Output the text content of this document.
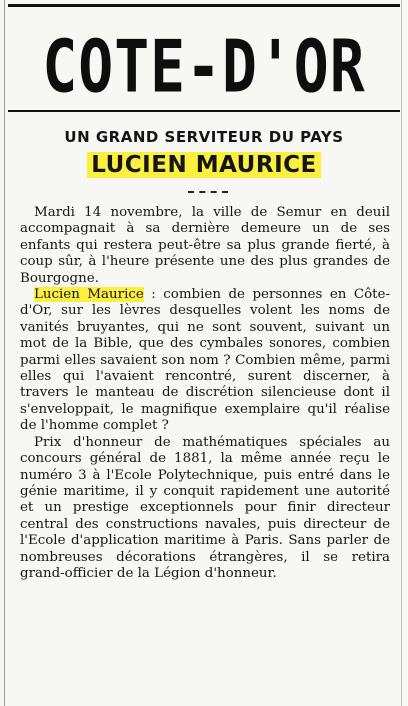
COTE-D'OR
UN GRAND SERVITEUR DU PAYS
LUCIEN MAURICE

Mardi 14 novembre, la ville de Semur en deuil accompagnait à sa dernière demeure un de ses enfants qui restera peut-être sa plus grande fierté, à coup sûr, à l'heure présente une des plus grandes de Bourgogne.

Lucien Maurice : combien de personnes en Côte-d'Or, sur les lèvres desquelles volent les noms de vanités bruyantes, qui ne sont souvent, suivant un mot de la Bible, que des cymbales sonores, combien parmi elles savaient son nom ? Combien même, parmi elles qui l'avaient rencontré, surent discerner, à travers le manteau de discrétion silencieuse dont il s'enveloppait, le magnifique exemplaire qu'il réalise de l'homme complet ?

Prix d'honneur de mathématiques spéciales au concours général de 1881, la même année reçu le numéro 3 à l'Ecole Polytechnique, puis entré dans le génie maritime, il y conquit rapidement une autorité et un prestige exceptionnels pour finir directeur central des constructions navales, puis directeur de l'Ecole d'application maritime à Paris. Sans parler de nombreuses décorations étrangères, il se retira grand-officier de la Légion d'honneur.
